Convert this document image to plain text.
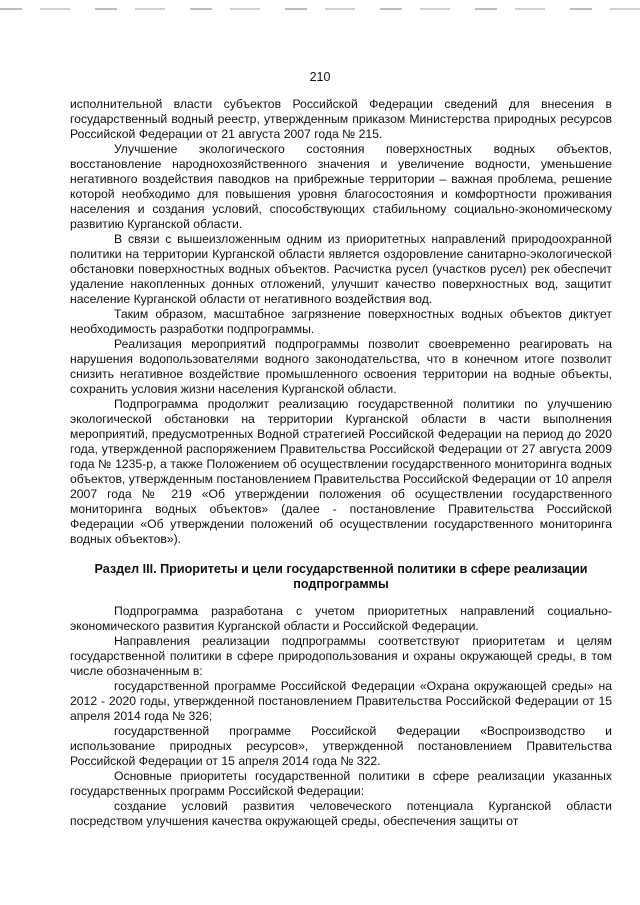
210

исполнительной власти субъектов Российской Федерации сведений для внесения в государственный водный реестр, утвержденным приказом Министерства природных ресурсов Российской Федерации от 21 августа 2007 года № 215.

Улучшение экологического состояния поверхностных водных объектов, восстановление народнохозяйственного значения и увеличение водности, уменьшение негативного воздействия паводков на прибрежные территории – важная проблема, решение которой необходимо для повышения уровня благосостояния и комфортности проживания населения и создания условий, способствующих стабильному социально-экономическому развитию Курганской области.

В связи с вышеизложенным одним из приоритетных направлений природоохранной политики на территории Курганской области является оздоровление санитарно-экологической обстановки поверхностных водных объектов. Расчистка русел (участков русел) рек обеспечит удаление накопленных донных отложений, улучшит качество поверхностных вод, защитит население Курганской области от негативного воздействия вод.

Таким образом, масштабное загрязнение поверхностных водных объектов диктует необходимость разработки подпрограммы.

Реализация мероприятий подпрограммы позволит своевременно реагировать на нарушения водопользователями водного законодательства, что в конечном итоге позволит снизить негативное воздействие промышленного освоения территории на водные объекты, сохранить условия жизни населения Курганской области.

Подпрограмма продолжит реализацию государственной политики по улучшению экологической обстановки на территории Курганской области в части выполнения мероприятий, предусмотренных Водной стратегией Российской Федерации на период до 2020 года, утвержденной распоряжением Правительства Российской Федерации от 27 августа 2009 года № 1235-р, а также Положением об осуществлении государственного мониторинга водных объектов, утвержденным постановлением Правительства Российской Федерации от 10 апреля 2007 года № 219 «Об утверждении положения об осуществлении государственного мониторинга водных объектов» (далее - постановление Правительства Российской Федерации «Об утверждении положений об осуществлении государственного мониторинга водных объектов»).

Раздел III. Приоритеты и цели государственной политики в сфере реализации подпрограммы

Подпрограмма разработана с учетом приоритетных направлений социально-экономического развития Курганской области и Российской Федерации.

Направления реализации подпрограммы соответствуют приоритетам и целям государственной политики в сфере природопользования и охраны окружающей среды, в том числе обозначенным в:

государственной программе Российской Федерации «Охрана окружающей среды» на 2012 - 2020 годы, утвержденной постановлением Правительства Российской Федерации от 15 апреля 2014 года № 326;

государственной программе Российской Федерации «Воспроизводство и использование природных ресурсов», утвержденной постановлением Правительства Российской Федерации от 15 апреля 2014 года № 322.

Основные приоритеты государственной политики в сфере реализации указанных государственных программ Российской Федерации:

создание условий развития человеческого потенциала Курганской области посредством улучшения качества окружающей среды, обеспечения защиты от
